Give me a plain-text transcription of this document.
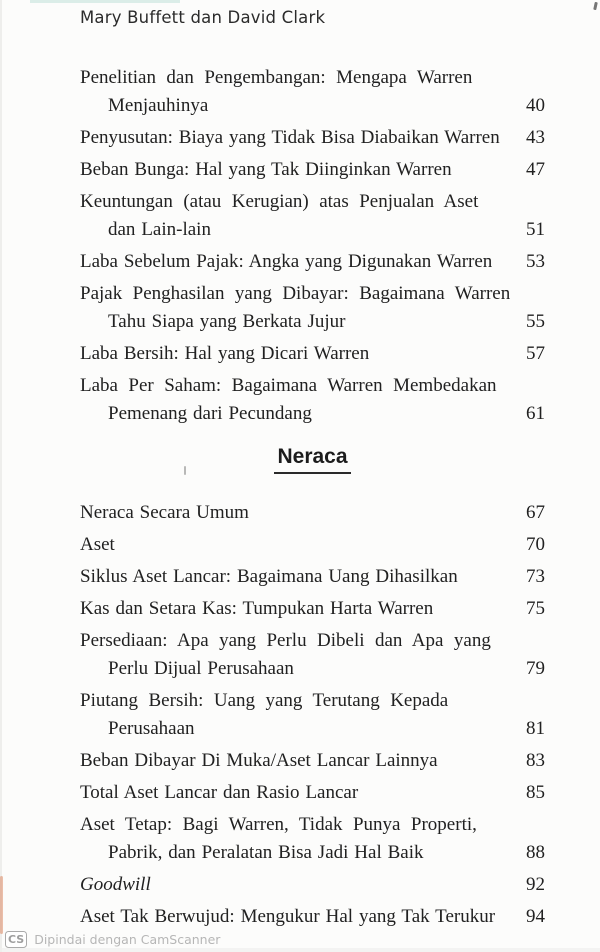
Mary Buffett dan David Clark
Penelitian dan Pengembangan: Mengapa Warren
Menjauhinya	40
Penyusutan: Biaya yang Tidak Bisa Diabaikan Warren	43
Beban Bunga: Hal yang Tak Diinginkan Warren	47
Keuntungan (atau Kerugian) atas Penjualan Aset
dan Lain-lain	51
Laba Sebelum Pajak: Angka yang Digunakan Warren	53
Pajak Penghasilan yang Dibayar: Bagaimana Warren
Tahu Siapa yang Berkata Jujur	55
Laba Bersih: Hal yang Dicari Warren	57
Laba Per Saham: Bagaimana Warren Membedakan
Pemenang dari Pecundang	61
Neraca
Neraca Secara Umum	67
Aset	70
Siklus Aset Lancar: Bagaimana Uang Dihasilkan	73
Kas dan Setara Kas: Tumpukan Harta Warren	75
Persediaan: Apa yang Perlu Dibeli dan Apa yang
Perlu Dijual Perusahaan	79
Piutang Bersih: Uang yang Terutang Kepada
Perusahaan	81
Beban Dibayar Di Muka/Aset Lancar Lainnya	83
Total Aset Lancar dan Rasio Lancar	85
Aset Tetap: Bagi Warren, Tidak Punya Properti,
Pabrik, dan Peralatan Bisa Jadi Hal Baik	88
Goodwill	92
Aset Tak Berwujud: Mengukur Hal yang Tak Terukur	94
CS Dipindai dengan CamScanner
